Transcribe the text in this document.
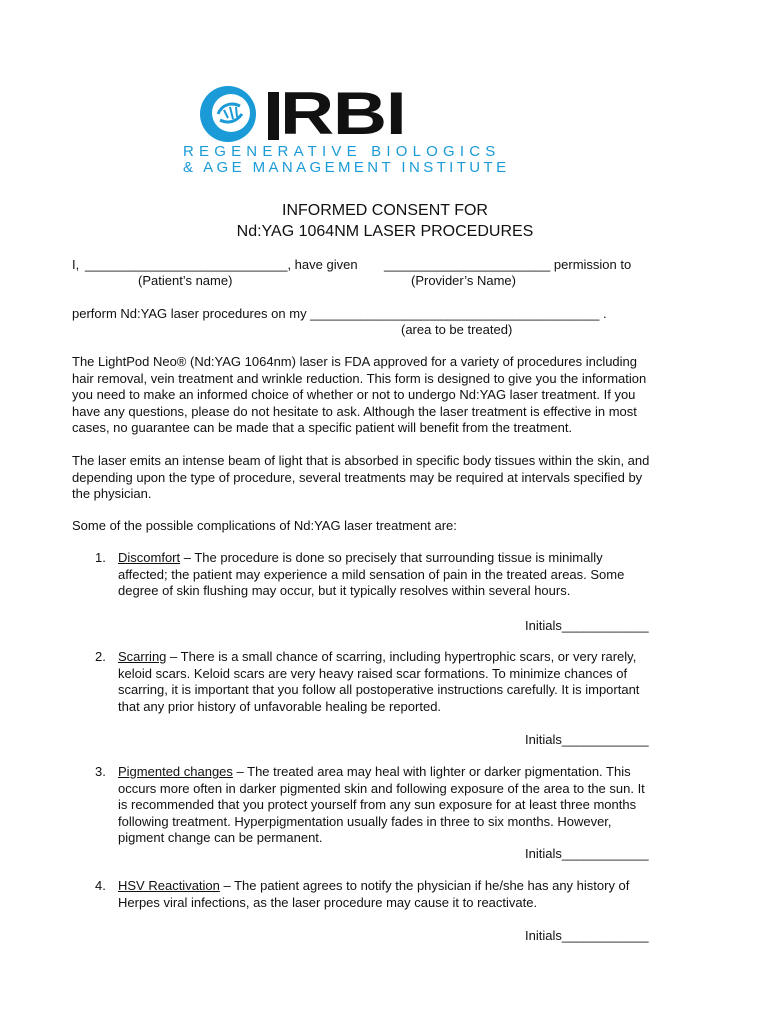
RBI
REGENERATIVE BIOLOGICS
& AGE MANAGEMENT INSTITUTE
INFORMED CONSENT FOR
Nd:YAG 1064NM LASER PROCEDURES
I, ____________________________, have given _______________________ permission to
(Patient’s name)	(Provider’s Name)
perform Nd:YAG laser procedures on my ________________________________________ .
(area to be treated)
The LightPod Neo® (Nd:YAG 1064nm) laser is FDA approved for a variety of procedures including
hair removal, vein treatment and wrinkle reduction. This form is designed to give you the information
you need to make an informed choice of whether or not to undergo Nd:YAG laser treatment. If you
have any questions, please do not hesitate to ask. Although the laser treatment is effective in most
cases, no guarantee can be made that a specific patient will benefit from the treatment.
The laser emits an intense beam of light that is absorbed in specific body tissues within the skin, and
depending upon the type of procedure, several treatments may be required at intervals specified by
the physician.
Some of the possible complications of Nd:YAG laser treatment are:
1. Discomfort – The procedure is done so precisely that surrounding tissue is minimally
affected; the patient may experience a mild sensation of pain in the treated areas. Some
degree of skin flushing may occur, but it typically resolves within several hours.
Initials____________
2. Scarring – There is a small chance of scarring, including hypertrophic scars, or very rarely,
keloid scars. Keloid scars are very heavy raised scar formations. To minimize chances of
scarring, it is important that you follow all postoperative instructions carefully. It is important
that any prior history of unfavorable healing be reported.
Initials____________
3. Pigmented changes – The treated area may heal with lighter or darker pigmentation. This
occurs more often in darker pigmented skin and following exposure of the area to the sun. It
is recommended that you protect yourself from any sun exposure for at least three months
following treatment. Hyperpigmentation usually fades in three to six months. However,
pigment change can be permanent.
Initials____________
4. HSV Reactivation – The patient agrees to notify the physician if he/she has any history of
Herpes viral infections, as the laser procedure may cause it to reactivate.
Initials____________
